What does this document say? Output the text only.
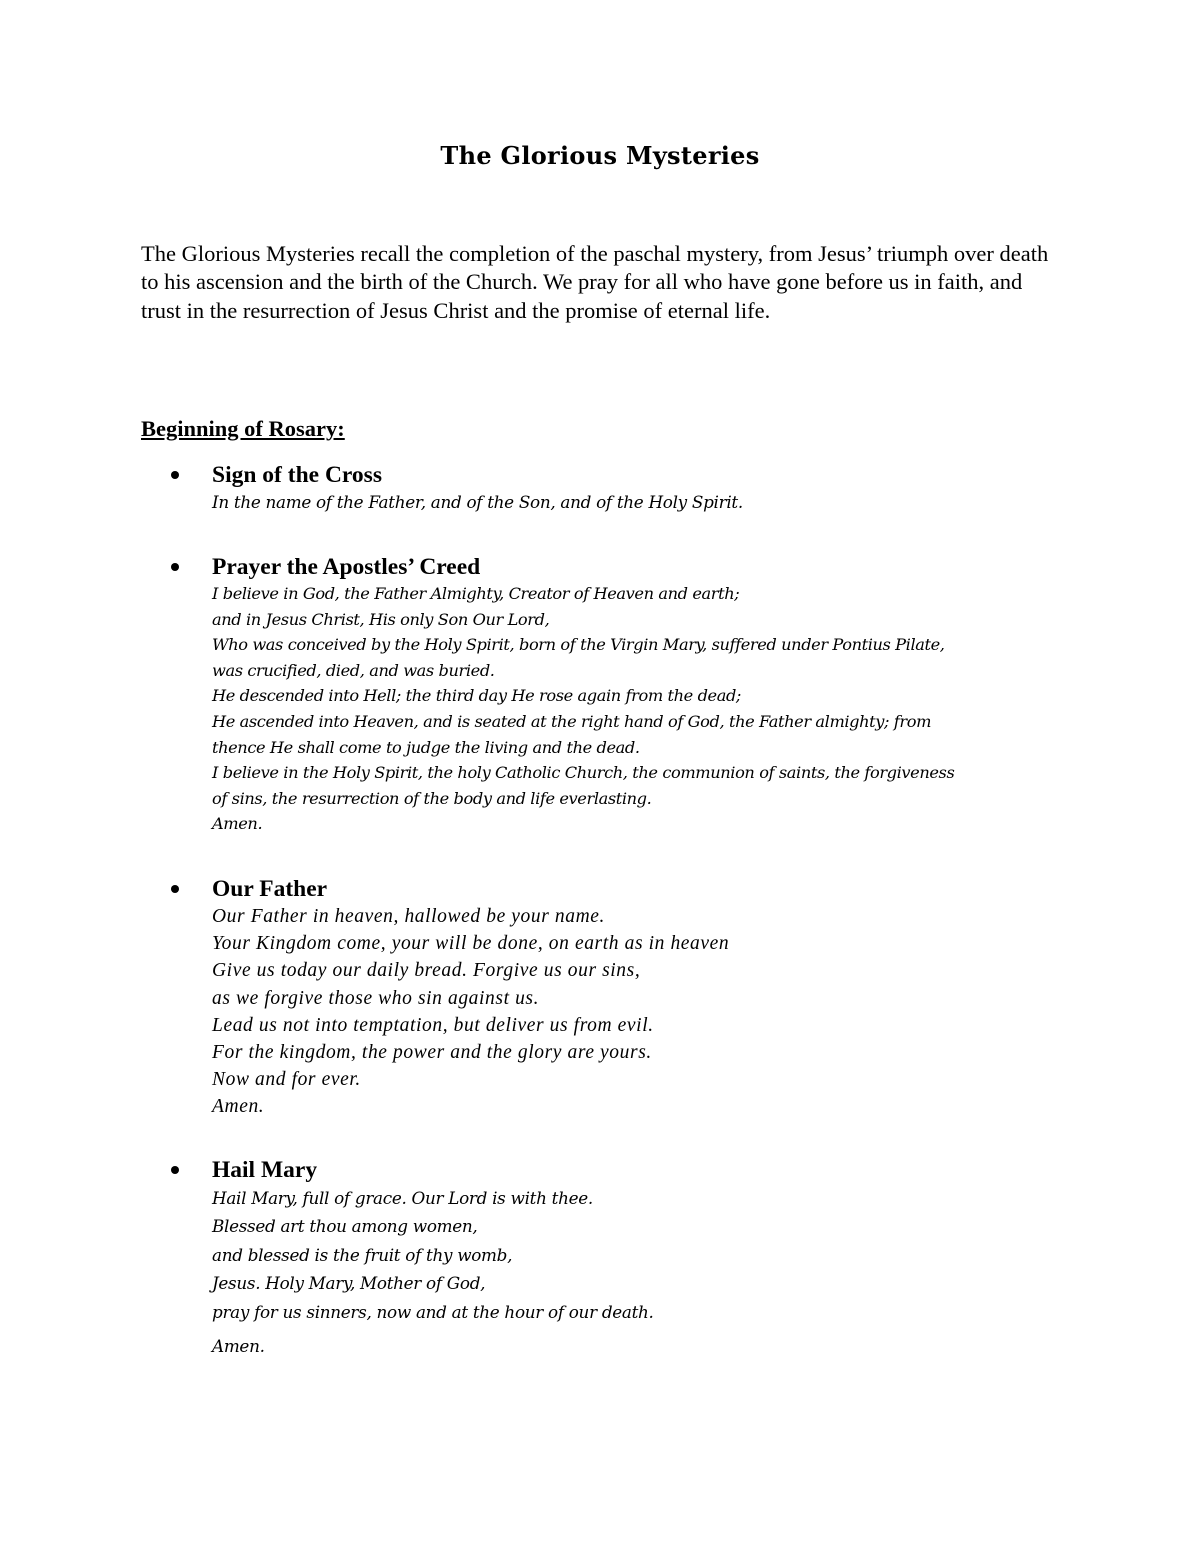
The Glorious Mysteries

The Glorious Mysteries recall the completion of the paschal mystery, from Jesus’ triumph over death to his ascension and the birth of the Church. We pray for all who have gone before us in faith, and trust in the resurrection of Jesus Christ and the promise of eternal life.

Beginning of Rosary:
Sign of the Cross
In the name of the Father, and of the Son, and of the Holy Spirit.
Prayer the Apostles’ Creed
I believe in God, the Father Almighty, Creator of Heaven and earth;
and in Jesus Christ, His only Son Our Lord,
Who was conceived by the Holy Spirit, born of the Virgin Mary, suffered under Pontius Pilate,
was crucified, died, and was buried.
He descended into Hell; the third day He rose again from the dead;
He ascended into Heaven, and is seated at the right hand of God, the Father almighty; from
thence He shall come to judge the living and the dead.
I believe in the Holy Spirit, the holy Catholic Church, the communion of saints, the forgiveness
of sins, the resurrection of the body and life everlasting.
Amen.
Our Father
Our Father in heaven, hallowed be your name.
Your Kingdom come, your will be done, on earth as in heaven
Give us today our daily bread. Forgive us our sins,
as we forgive those who sin against us.
Lead us not into temptation, but deliver us from evil.
For the kingdom, the power and the glory are yours.
Now and for ever.
Amen.
Hail Mary
Hail Mary, full of grace. Our Lord is with thee.
Blessed art thou among women,
and blessed is the fruit of thy womb,
Jesus. Holy Mary, Mother of God,
pray for us sinners, now and at the hour of our death.
Amen.
